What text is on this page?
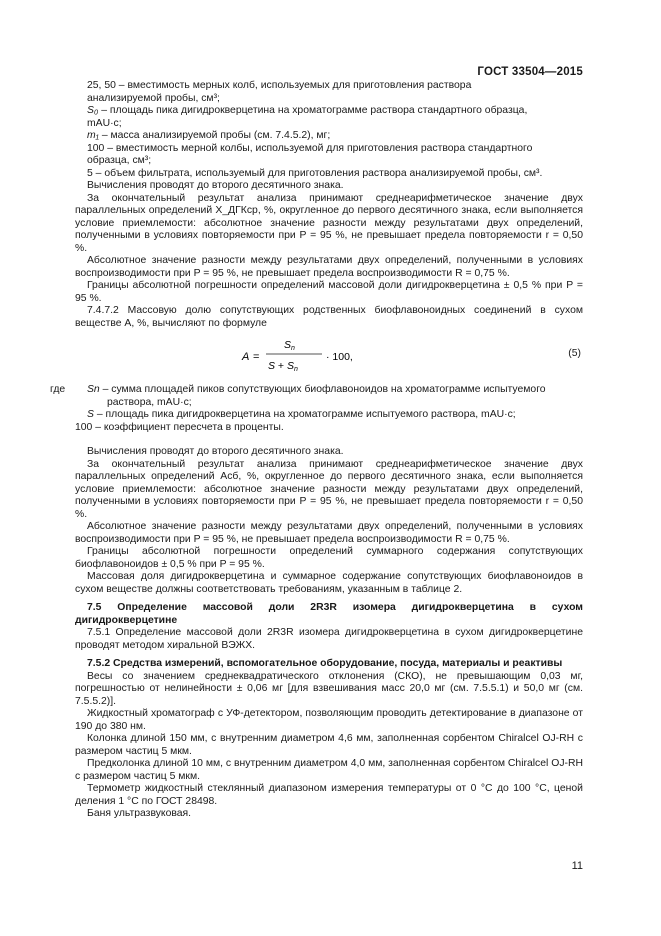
ГОСТ 33504—2015
25, 50 – вместимость мерных колб, используемых для приготовления раствора
анализируемой пробы, см³;
S₀ – площадь пика дигидрокверцетина на хроматограмме раствора стандартного образца,
mAU·c;
m₁ – масса анализируемой пробы (см. 7.4.5.2), мг;
100 – вместимость мерной колбы, используемой для приготовления раствора стандартного
образца, см³;
5 – объем фильтрата, используемый для приготовления раствора анализируемой пробы, см³.

Вычисления проводят до второго десятичного знака.

За окончательный результат анализа принимают среднеарифметическое значение двух параллельных определений X_ДГКср, %, округленное до первого десятичного знака, если выполняется условие приемлемости: абсолютное значение разности между результатами двух определений, полученными в условиях повторяемости при P = 95 %, не превышает предела повторяемости r = 0,50 %.

Абсолютное значение разности между результатами двух определений, полученными в условиях воспроизводимости при P = 95 %, не превышает предела воспроизводимости R = 0,75 %.

Границы абсолютной погрешности определений массовой доли дигидрокверцетина ± 0,5 % при P = 95 %.

7.4.7.2 Массовую долю сопутствующих родственных биофлавоноидных соединений в сухом веществе A, %, вычисляют по формуле

A =
Sn
S + Sn
· 100,	(5)
где	Sn – сумма площадей пиков сопутствующих биофлавоноидов на хроматограмме испытуемого
раствора, mAU·c;
S – площадь пика дигидрокверцетина на хроматограмме испытуемого раствора, mAU·c;
100 – коэффициент пересчета в проценты.

Вычисления проводят до второго десятичного знака.

За окончательный результат анализа принимают среднеарифметическое значение двух параллельных определений Aсб, %, округленное до первого десятичного знака, если выполняется условие приемлемости: абсолютное значение разности между результатами двух определений, полученными в условиях повторяемости при P = 95 %, не превышает предела повторяемости r = 0,50 %.

Абсолютное значение разности между результатами двух определений, полученными в условиях воспроизводимости при P = 95 %, не превышает предела воспроизводимости R = 0,75 %.

Границы абсолютной погрешности определений суммарного содержания сопутствующих биофлавоноидов ± 0,5 % при P = 95 %.

Массовая доля дигидрокверцетина и суммарное содержание сопутствующих биофлавоноидов в сухом веществе должны соответствовать требованиям, указанным в таблице 2.

7.5 Определение массовой доли 2R3R изомера дигидрокверцетина в сухом дигидрокверцетине

7.5.1 Определение массовой доли 2R3R изомера дигидрокверцетина в сухом дигидрокверцетине проводят методом хиральной ВЭЖХ.

7.5.2 Средства измерений, вспомогательное оборудование, посуда, материалы и реактивы

Весы со значением среднеквадратического отклонения (СКО), не превышающим 0,03 мг, погрешностью от нелинейности ± 0,06 мг [для взвешивания масс 20,0 мг (см. 7.5.5.1) и 50,0 мг (см. 7.5.5.2)].

Жидкостный хроматограф с УФ-детектором, позволяющим проводить детектирование в диапазоне от 190 до 380 нм.

Колонка длиной 150 мм, с внутренним диаметром 4,6 мм, заполненная сорбентом Chiralcel OJ-RH с размером частиц 5 мкм.

Предколонка длиной 10 мм, с внутренним диаметром 4,0 мм, заполненная сорбентом Chiralcel OJ-RH с размером частиц 5 мкм.

Термометр жидкостный стеклянный диапазоном измерения температуры от 0 °С до 100 °С, ценой деления 1 °С по ГОСТ 28498.

Баня ультразвуковая.

11
